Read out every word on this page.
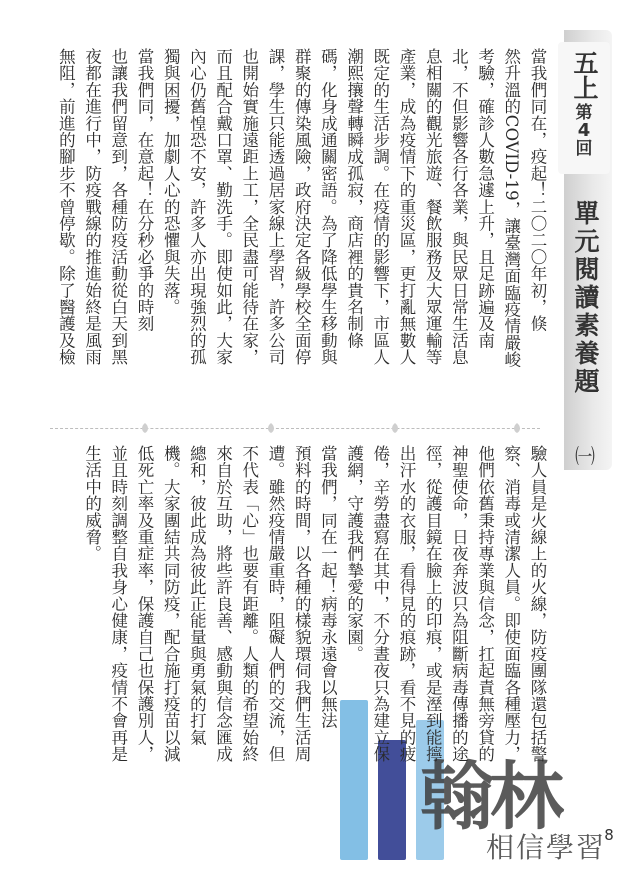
五上
第
4
回
單元閱讀素養題
㈠
當我們同在，疫起！二〇二〇年初，倏
然升溫的COVID-19，讓臺灣面臨疫情嚴峻
考驗，確診人數急遽上升，且足跡遍及南
北，不但影響各行各業，與民眾日常生活息
息相關的觀光旅遊、餐飲服務及大眾運輸等
產業，成為疫情下的重災區，更打亂無數人
既定的生活步調。在疫情的影響下，市區人
潮熙攘聲轉瞬成孤寂，商店裡的貴名制條
碼，化身成通關密語。為了降低學生移動與
群聚的傳染風險，政府決定各級學校全面停
課，學生只能透過居家線上學習，許多公司
也開始實施遠距上工，全民盡可能待在家，
而且配合戴口罩、勤洗手。即使如此，大家
內心仍舊惶恐不安，許多人亦出現強烈的孤
獨與困擾，加劇人心的恐懼與失落。
當我們同，在意起！在分秒必爭的時刻
也讓我們留意到，各種防疫活動從白天到黑
夜都在進行中，防疫戰線的推進始終是風雨
無阻，前進的腳步不曾停歇。除了醫護及檢
翰林
相信學習
8
驗人員是火線上的火線，防疫團隊還包括警
察、消毒或清潔人員。即使面臨各種壓力，
他們依舊秉持專業與信念，扛起責無旁貸的
神聖使命，日夜奔波只為阻斷病毒傳播的途
徑，從護目鏡在臉上的印痕，或是溼到能擰
出汗水的衣服，看得見的痕跡，看不見的疲
倦，辛勞盡寫在其中，不分晝夜只為建立保
護網，守護我們摯愛的家園。
當我們，同在一起！病毒永遠會以無法
預料的時間，以各種的樣貌環伺我們生活周
遭。雖然疫情嚴重時，阻礙人們的交流，但
不代表「心」也要有距離。人類的希望始終
來自於互助，將些許良善、感動與信念匯成
總和，彼此成為彼此正能量與勇氣的打氣
機。大家團結共同防疫，配合施打疫苗以減
低死亡率及重症率，保護自己也保護別人，
並且時刻調整自我身心健康，疫情不會再是
生活中的威脅。
